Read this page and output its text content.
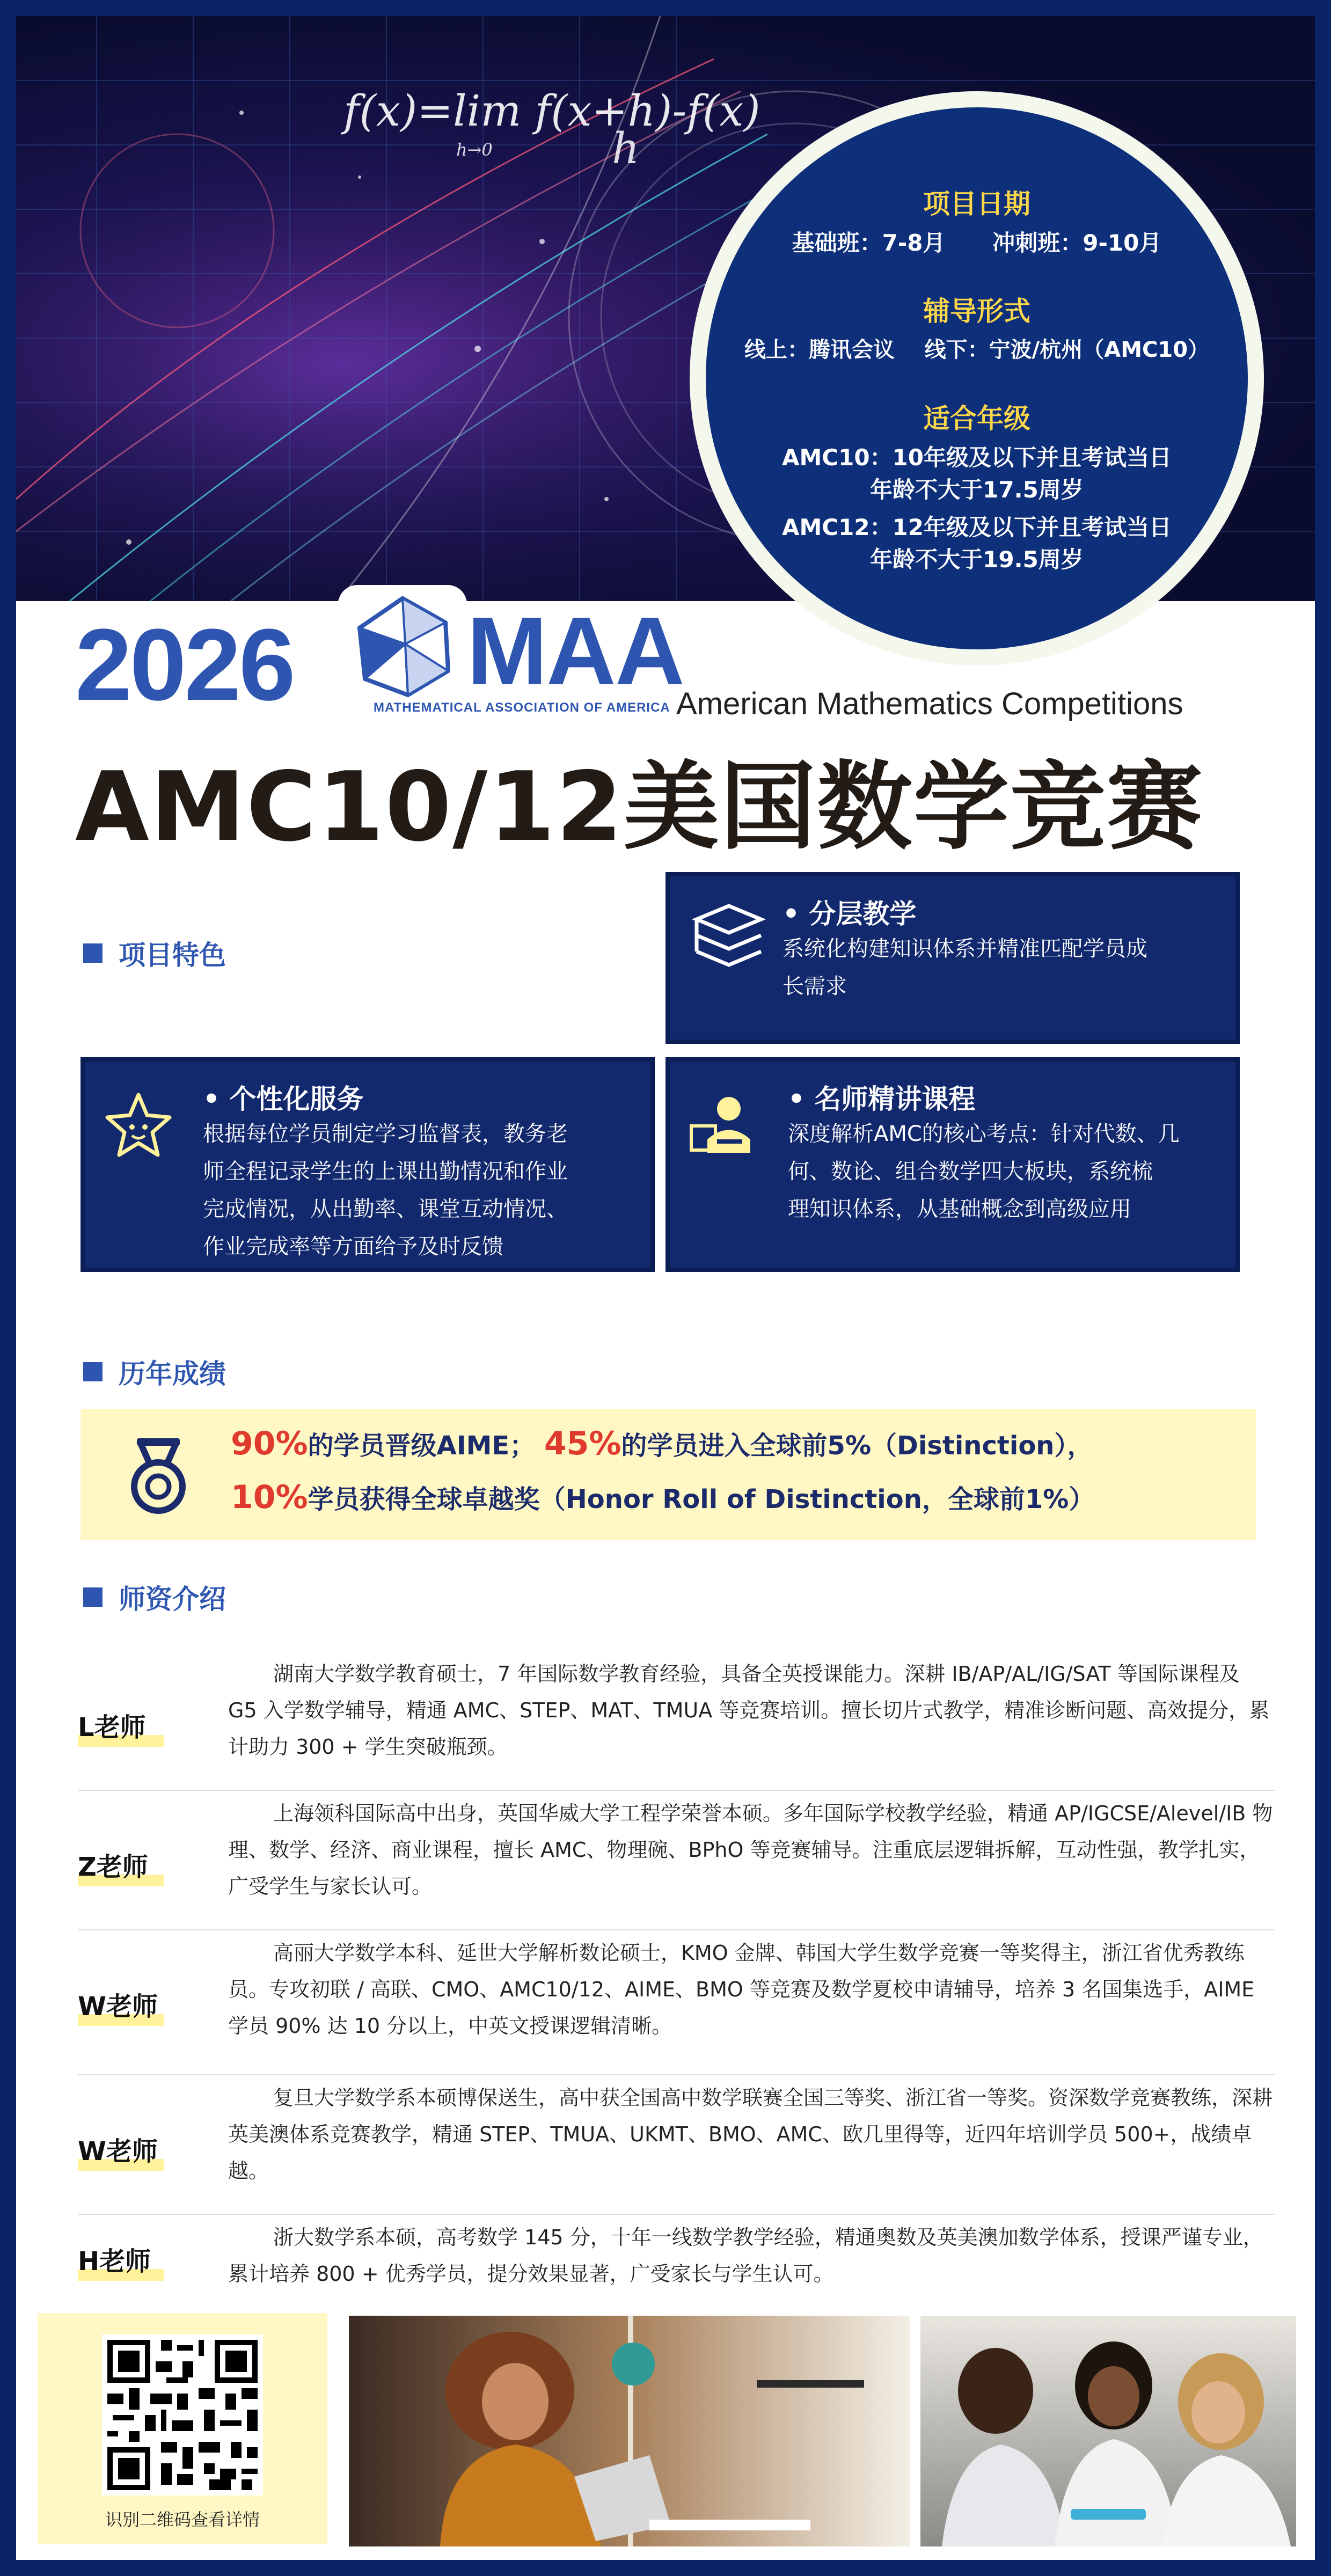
f(x)=lim f(x+h)-f(x)
h→0	h
项目日期
基础班：7-8月      冲刺班：9-10月
辅导形式
线上：腾讯会议    线下：宁波/杭州（AMC10）
适合年级
AMC10：10年级及以下并且考试当日
年龄不大于17.5周岁
AMC12：12年级及以下并且考试当日
年龄不大于19.5周岁
2026 MAA
MATHEMATICAL ASSOCIATION OF AMERICA American Mathematics Competitions
AMC10/12美国数学竞赛
项目特色
• 分层教学
系统化构建知识体系并精准匹配学员成
长需求
• 个性化服务
根据每位学员制定学习监督表，教务老
师全程记录学生的上课出勤情况和作业
完成情况，从出勤率、课堂互动情况、
作业完成率等方面给予及时反馈
• 名师精讲课程
深度解析AMC的核心考点：针对代数、几
何、数论、组合数学四大板块，系统梳
理知识体系，从基础概念到高级应用
历年成绩
90%的学员晋级AIME； 45%的学员进入全球前5%（Distinction），
10%学员获得全球卓越奖（Honor Roll of Distinction，全球前1%）
师资介绍
L老师
湖南大学数学教育硕士，7 年国际数学教育经验，具备全英授课能力。深耕 IB/AP/AL/IG/SAT 等国际课程及 G5 入学数学辅导，精通 AMC、STEP、MAT、TMUA 等竞赛培训。擅长切片式教学，精准诊断问题、高效提分，累计助力 300 + 学生突破瓶颈。
Z老师
上海领科国际高中出身，英国华威大学工程学荣誉本硕。多年国际学校教学经验，精通 AP/IGCSE/Alevel/IB 物理、数学、经济、商业课程，擅长 AMC、物理碗、BPhO 等竞赛辅导。注重底层逻辑拆解，互动性强，教学扎实，广受学生与家长认可。
W老师
高丽大学数学本科、延世大学解析数论硕士，KMO 金牌、韩国大学生数学竞赛一等奖得主，浙江省优秀教练员。专攻初联 / 高联、CMO、AMC10/12、AIME、BMO 等竞赛及数学夏校申请辅导，培养 3 名国集选手，AIME 学员 90% 达 10 分以上，中英文授课逻辑清晰。
W老师
复旦大学数学系本硕博保送生，高中获全国高中数学联赛全国三等奖、浙江省一等奖。资深数学竞赛教练，深耕英美澳体系竞赛教学，精通 STEP、TMUA、UKMT、BMO、AMC、欧几里得等，近四年培训学员 500+，战绩卓越。
H老师
浙大数学系本硕，高考数学 145 分，十年一线数学教学经验，精通奥数及英美澳加数学体系，授课严谨专业，累计培养 800 + 优秀学员，提分效果显著，广受家长与学生认可。
识别二维码查看详情
